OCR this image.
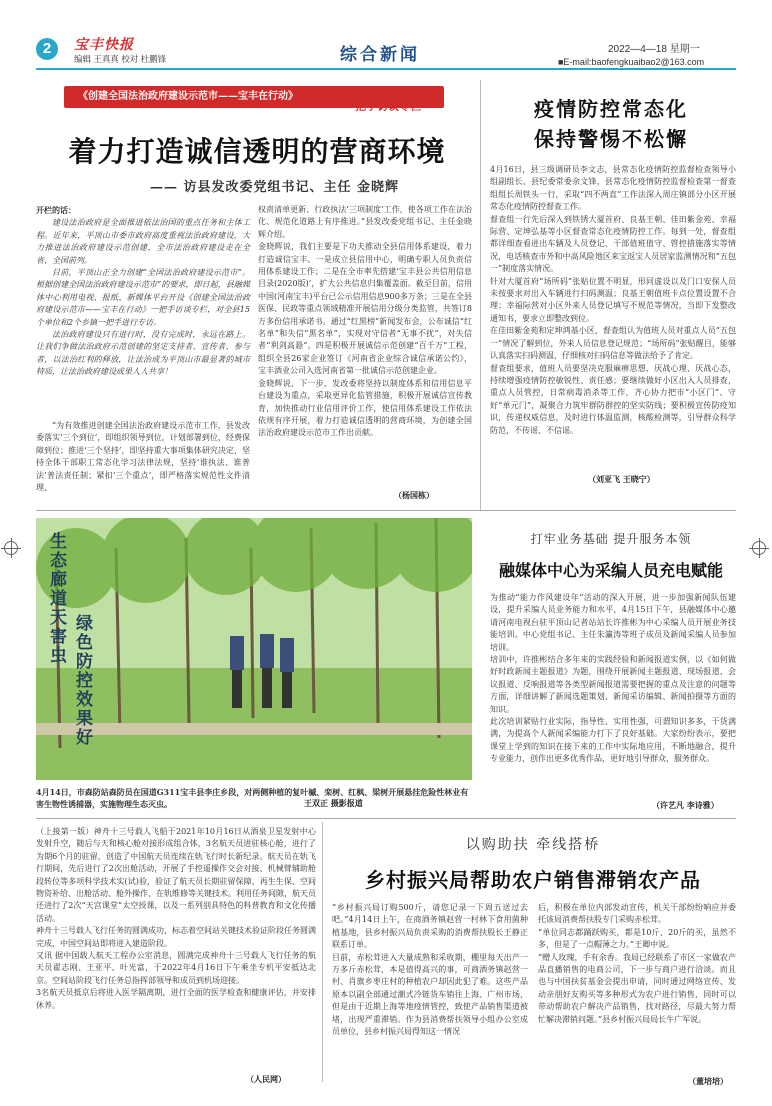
2	宝丰快报
编辑 王真真 校对 杜鹏锋	综合新闻	2022—4—18 星期一
■E-mail:baofengkuaibao2@163.com
《创建全国法治政府建设示范市——宝丰在行动》
一把手访谈专栏
着力打造诚信透明的营商环境
—— 访县发改委党组书记、主任 金晓辉
开栏的话：

建设法治政府是全面推进依法治国的重点任务和主体工程。近年来，平顶山市委市政府高度重视法治政府建设，大力推进法治政府建设示范创建，全市法治政府建设走在全省、全国前列。

目前，平顶山正全力创建“全国法治政府建设示范市”。根据创建全国法治政府建设示范市”的要求，即日起，县融媒体中心利用电视、报纸、新媒体平台开设《创建全国法治政府建设示范市——宝丰在行动》一把手访谈专栏，对全县15个单位和2个乡镇一把手进行专访。

法治政府建设只有进行时，没有完成时，永远在路上。让我们争做法治政府示范创建的坚定支持者、宣传者、参与者，以法治红利的释放，让法治成为平顶山市最显著的城市特质，让法治政府建设成果人人共享！

“为有效推进创建全国法治政府建设示范市工作，县发改委落实‘三个到位’，即组织领导到位，计划部署到位，经费保障到位；推进‘三个坚持’，即坚持重大事项集体研究决定，坚持全体干部职工常态化学习法律法规，坚持‘谁执法、谁普法’普法责任制；紧扣‘三个重点’，即严格落实规范性文件清理、
权责清单更新、行政执法‘三项制度’工作，使各项工作在法治化、规范化道路上有序推进。”县发改委党组书记、主任金晓辉介绍。
金晓辉说，我们主要是下功夫推动全县信用体系建设，着力打造诚信宝丰。一是成立县信用中心，明确专职人员负责信用体系建设工作；二是在全市率先搭建‘宝丰县公共信用信息目录(2020版)’，扩大公共信息归集覆盖面。截至目前，信用中国(河南宝丰)平台已公示信用信息900多万条；三是在全县医保、民政等重点领域精准开展信用分级分类监管，共签订8万多份信用承诺书。通过“红黑榜”新闻发布会，公布诚信“红名单”和失信“黑名单”，实现对守信者“无事不扰”，对失信者“利剑高悬”。四是积极开展诚信示范创建“百千万”工程，组织全县26家企业签订《河南省企业综合诚信承诺公约》，宝丰酒业公司入选河南省第一批诚信示范创建企业。
金晓辉说，下一步，发改委将坚持以制度体系和信用信息平台建设为重点，采取更异化监管措施，积极开展诚信宣传教育，加快推动行业信用评价工作，使信用体系建设工作依法依规有序开展，着力打造诚信透明的营商环境，为创建全国法治政府建设示范市工作出贡献。
（杨国栋）
疫情防控常态化
保持警惕不松懈
4月16日，县三级调研员李文志，县常态化疫情防控监督检查领导小组副组长、县纪委常委余文锋，县常态化疫情防控监督检查第一督查组组长周铁头一行，采取“四不两直”工作法深入周庄镇部分小区开展常态化疫情防控督查工作。
督查组一行先后深入到铁锈大厦首府、良基王朝、佳田紫金苑、幸福际营、定坤弘基等小区督查常态化疫情防控工作。每到一处，督查组都详细查看进出车辆及人员登记、干部值班值守、管控措施落实等情况，电话核查市外和中高风险地区来宝返宝人员居家监测情况和“五包一”制度落实情况。
针对大厦首府“场所码”张贴位置不明显，形同虚设以及门口安保人员未按要求对出入车辆进行扫码测温；良基王朝值班卡点位置设置不合理；幸福际营对小区外来人员登记填写不规范等情况，当即下发整改通知书，要求立即整改到位。
在佳田紫金苑和定坤鸿基小区，督查组认为值班人员对重点人员“五包一”情况了解到位，外来人员信息登记规范；“场所码”张贴醒目，能够认真落实扫码测温，仔细核对扫码信息等做法给予了肯定。
督查组要求，值班人员要坚决克服麻痹思想、厌战心理、厌战心态，持续增强疫情防控敏锐性、责任感；要继续做好小区出入人员排查，重点人员管控，日常病毒消杀等工作，齐心协力把市“小区门”、守好“单元门”，凝聚合力筑牢群防群控的坚实防线；要积极宣传防疫知识，传递权威信息，及时进行体温监测，核酸检测等，引导群众科学防范，不传谣、不信谣。
（刘亚飞 王晓宁）
生态廊道天害虫
绿色防控效果好
4月14日，市森防站森防员在国道G311宝丰县李庄乡段，对两侧种植的复叶槭、栾树、红枫、梁树开展悬挂危险性林业有害生物性诱捕器，实施物理生态灭虫。	王双正 摄影报道
打牢业务基础 提升服务本领
融媒体中心为采编人员充电赋能
为推动“能力作风建设年”活动的深入开展，进一步加强新闻队伍建设，提升采编人员业务能力和水平，4月15日下午，县融媒体中心邀请河南电视台驻平顶山记者站站长许推彬为中心采编人员开展业务技能培训。中心党组书记、主任朱瀛涛等班子成员及新闻采编人员参加培训。
培训中，许推彬结合多年来的实践经验和新闻报道实例，以《如何做好时政新闻主题报道》为题，围绕开展新闻主题报道、现场报道、会议报道、反响报道等各类型新闻报道需要把握的重点及注意的问题等方面，详细讲解了新闻选题策划、新闻采访编辑、新闻拍摄等方面的知识。
此次培训紧贴行业实际，指导性、实用性强，可谓知识多多，干货满满，为提高个人新闻采编能力打下了良好基础。大家纷纷表示，要把课堂上学到的知识在接下来的工作中实际地应用，不断地融合，提升专业能力，创作出更多优秀作品，更好地引导群众，服务群众。
（许艺凡 李诗雅）
（上接第一版）神舟十三号载人飞船于2021年10月16日从酒泉卫星发射中心发射升空，随后与天和核心舱对接形成组合体，3名航天员进驻核心舱，进行了为期6个月的驻留，创造了中国航天员连续在轨飞行时长新纪录。航天员在轨飞行期间，先后进行了2次出舱活动，开展了手控遥操作交会对接、机械臂辅助舱段转位等多项科学技术实(试)验，验证了航天员长期驻留保障、再生生保、空间物资补给、出舱活动、舱外操作、在轨维修等关键技术。利用任务间隙，航天员还进行了2次“天宫课堂”太空授课，以及一系列别具特色的科普教育和文化传播活动。
神舟十三号载人飞行任务的圆满成功，标志着空间站关键技术验证阶段任务圆满完成，中国空间站即将进入建造阶段。
又讯 据中国载人航天工程办公室消息，圆满完成神舟十三号载人飞行任务的航天员翟志刚、王亚平、叶光富，于2022年4月16日下午乘坐专机平安抵达北京。空间站阶段飞行任务总指挥部领导和成员到机场迎接。
3名航天员抵京后将进入医学隔离期，进行全面的医学检查和健康评估，并安排休养。
（人民网）
以购助扶 牵线搭桥
乡村振兴局帮助农户销售滞销农产品
“乡村振兴局订购500斤，请您记录一下周五送过去吧。”4月14日上午，在商酒务镇赵营一村林下食用菌种植基地，县乡村振兴局负责采购的消费帮扶股长王静正联系订单。
目前，赤松茸进入大量成熟和采收期，棚里每天出产一万多斤赤松茸，本是值得高兴的事，可商酒务镇赵营一村、肖旗乡枣庄村的种植农户却因此犯了难。这些产品原本以副全部通过潮式冷链货车销往上海、广州市场，但是由于近期上海等地疫情管控，致使产品销售渠道被堵，出现严重滞销。作为县消费帮扶领导小组办公室成员单位，县乡村振兴局得知这一情况
后，积极在单位内部发动宣传，机关干部纷纷响应并委托该局消费帮扶股专门采购赤松茸。
“单位同志都踊跃购买，都是10斤、20斤的买，虽然不多，但是了一点帽薄之力。”王卿中说。
“赠人玫瑰，手有余香。我局已经联系了市区一家做农产品直播销售的电商公司，下一步与商户进行洽谈。而且也与中国扶贫基金会提出申请，同时通过网络宣传、发动亲朋好友购买等多种形式为农户进行销售，同时可以带动帮助农户解决产品销售，找对路径，尽最大努力帮忙解决滞销问题。”县乡村振兴局局长牛广军说。
（董培培）
